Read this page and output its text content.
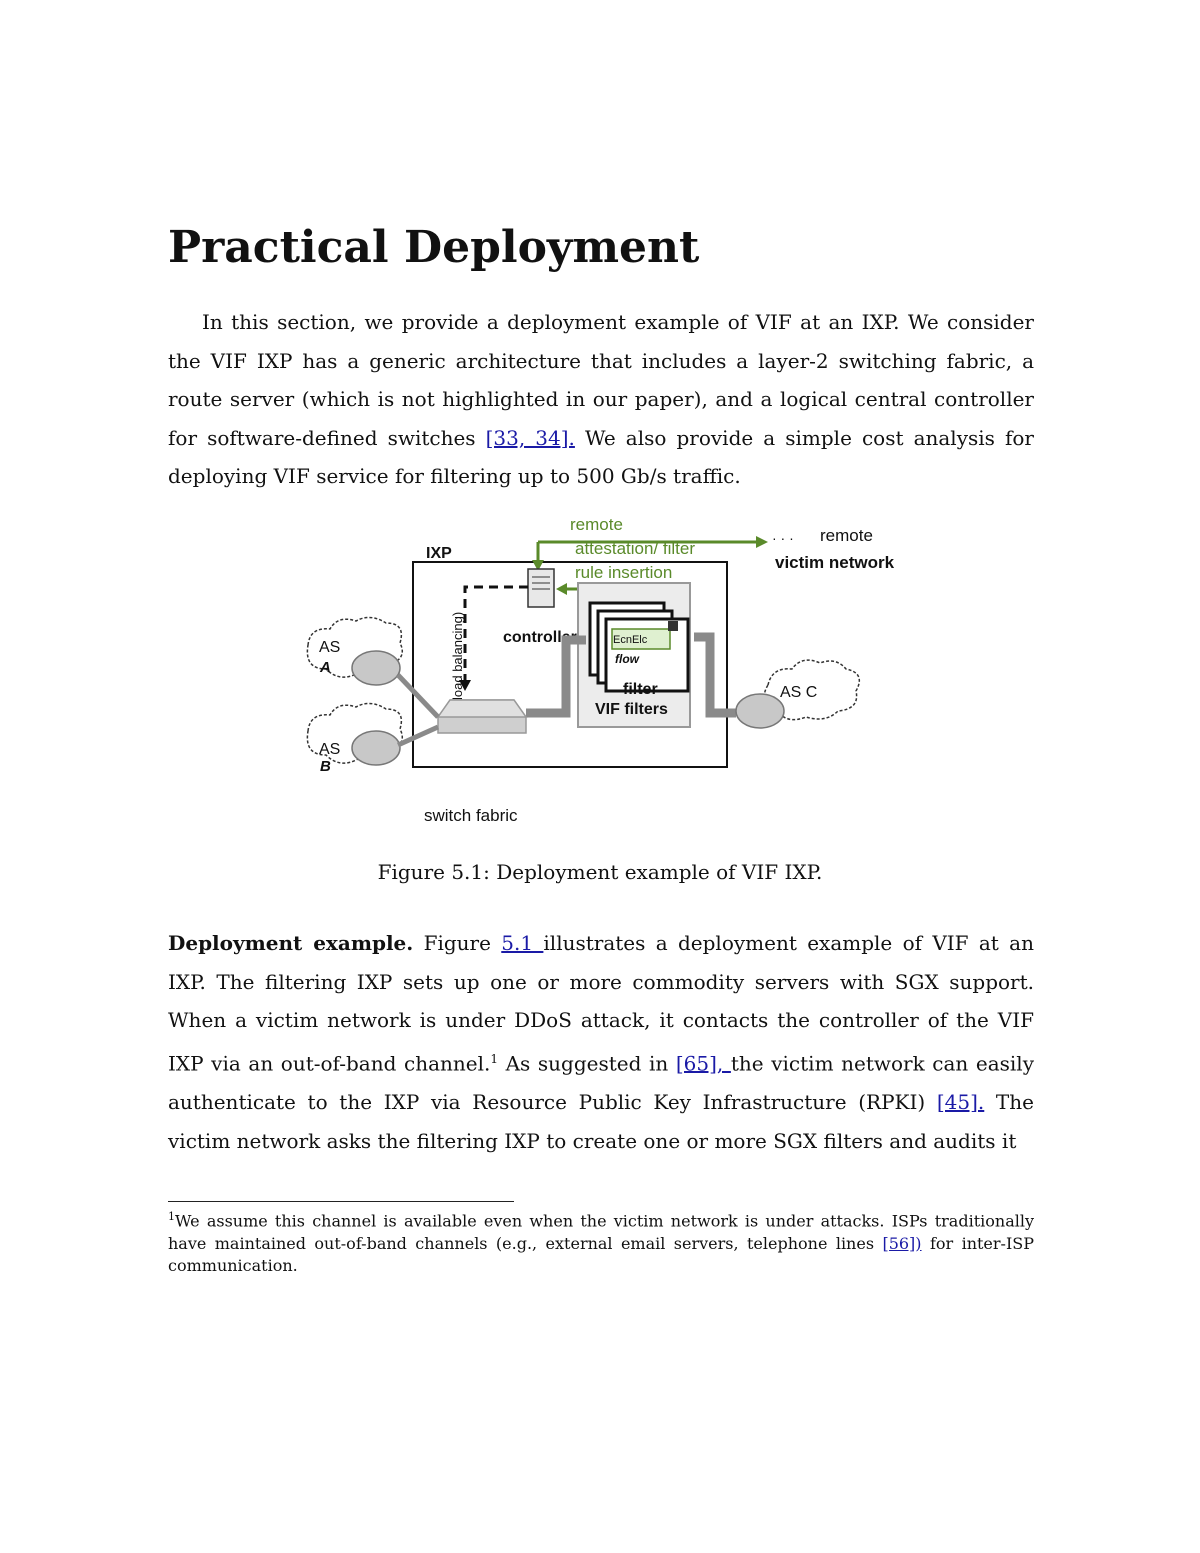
Practical Deployment
In this section, we provide a deployment example of VIF at an IXP. We consider the VIF IXP has a generic architecture that includes a layer-2 switching fabric, a route server (which is not highlighted in our paper), and a logical central controller for software-defined switches [33, 34]. We also provide a simple cost analysis for deploying VIF service for filtering up to 500 Gb/s traffic.
IXP
remote
attestation/ filter
rule insertion
· · · remote
victim network
controller
load balancing)	EcnElc
flow
filter
VIF filters
switch fabric
AS
A
AS
B
AS C
Figure 5.1: Deployment example of VIF IXP.
Deployment example. Figure 5.1 illustrates a deployment example of VIF at an IXP. The filtering IXP sets up one or more commodity servers with SGX support. When a victim network is under DDoS attack, it contacts the controller of the VIF IXP via an out-of-band channel.$^1$ As suggested in [65], the victim network can easily authenticate to the IXP via Resource Public Key Infrastructure (RPKI) [45]. The victim network asks the filtering IXP to create one or more SGX filters and audits it
$^1$We assume this channel is available even when the victim network is under attacks. ISPs traditionally have maintained out-of-band channels (e.g., external email servers, telephone lines [56]) for inter-ISP communication.
